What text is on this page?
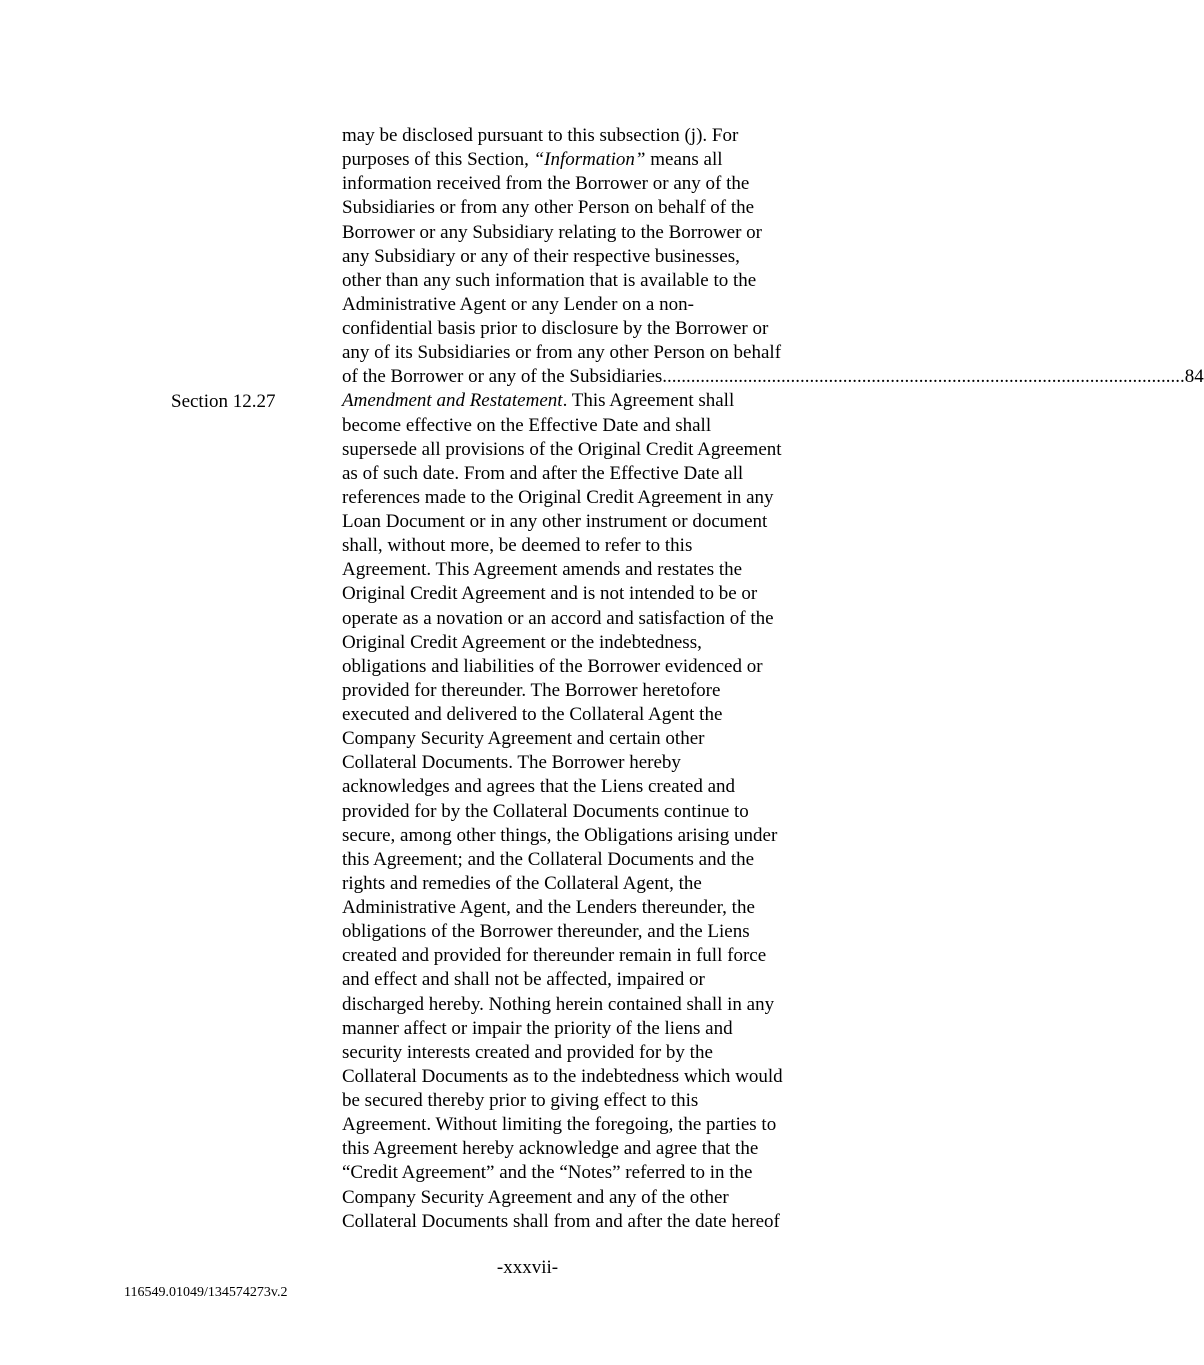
may be disclosed pursuant to this subsection (j). For
purposes of this Section, “Information” means all
information received from the Borrower or any of the
Subsidiaries or from any other Person on behalf of the
Borrower or any Subsidiary relating to the Borrower or
any Subsidiary or any of their respective businesses,
other than any such information that is available to the
Administrative Agent or any Lender on a non-
confidential basis prior to disclosure by the Borrower or
any of its Subsidiaries or from any other Person on behalf
of the Borrower or any of the Subsidiaries. ............................................................................................................. 84
Amendment and Restatement. This Agreement shall
become effective on the Effective Date and shall
supersede all provisions of the Original Credit Agreement
as of such date. From and after the Effective Date all
references made to the Original Credit Agreement in any
Loan Document or in any other instrument or document
shall, without more, be deemed to refer to this
Agreement. This Agreement amends and restates the
Original Credit Agreement and is not intended to be or
operate as a novation or an accord and satisfaction of the
Original Credit Agreement or the indebtedness,
obligations and liabilities of the Borrower evidenced or
provided for thereunder. The Borrower heretofore
executed and delivered to the Collateral Agent the
Company Security Agreement and certain other
Collateral Documents. The Borrower hereby
acknowledges and agrees that the Liens created and
provided for by the Collateral Documents continue to
secure, among other things, the Obligations arising under
this Agreement; and the Collateral Documents and the
rights and remedies of the Collateral Agent, the
Administrative Agent, and the Lenders thereunder, the
obligations of the Borrower thereunder, and the Liens
created and provided for thereunder remain in full force
and effect and shall not be affected, impaired or
discharged hereby. Nothing herein contained shall in any
manner affect or impair the priority of the liens and
security interests created and provided for by the
Collateral Documents as to the indebtedness which would
be secured thereby prior to giving effect to this
Agreement. Without limiting the foregoing, the parties to
this Agreement hereby acknowledge and agree that the
“Credit Agreement” and the “Notes” referred to in the
Company Security Agreement and any of the other
Collateral Documents shall from and after the date hereof
Section 12.27
-xxxvii-
116549.01049/134574273v.2
